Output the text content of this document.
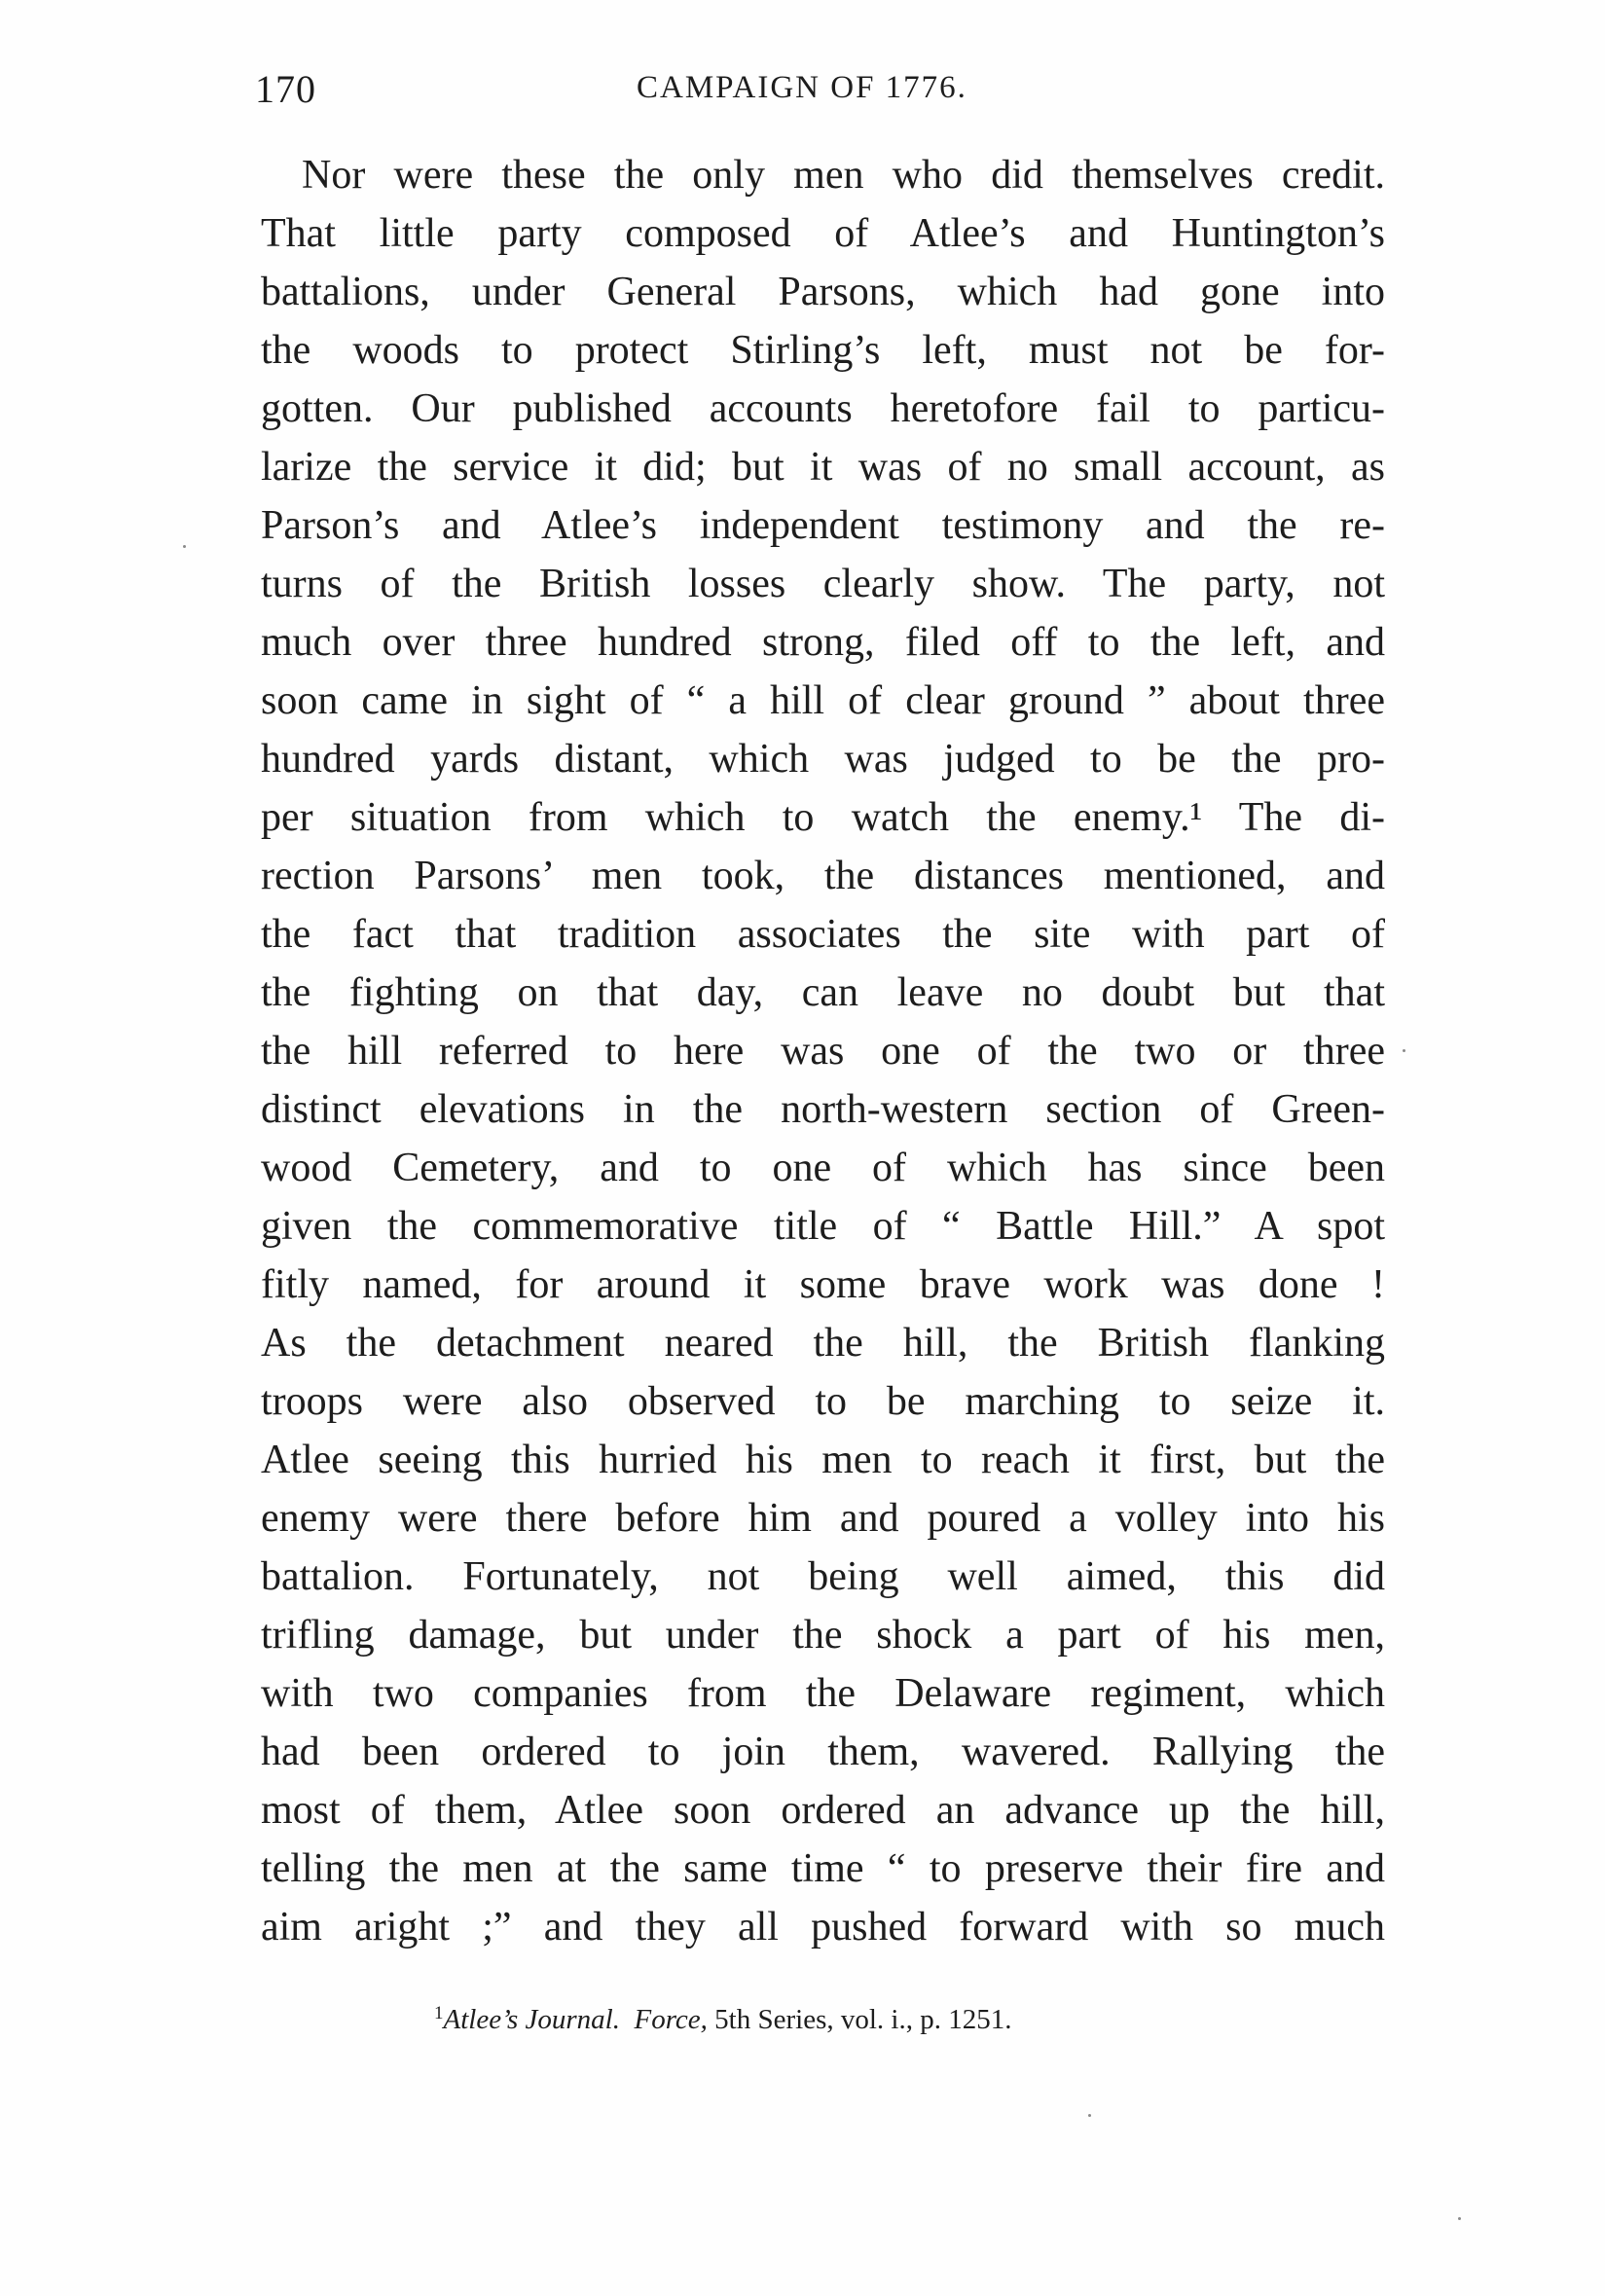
170	CAMPAIGN OF 1776.
Nor were these the only men who did themselves credit.
That little party composed of Atlee’s and Huntington’s
battalions, under General Parsons, which had gone into
the woods to protect Stirling’s left, must not be for-
gotten. Our published accounts heretofore fail to particu-
larize the service it did; but it was of no small account, as
Parson’s and Atlee’s independent testimony and the re-
turns of the British losses clearly show. The party, not
much over three hundred strong, filed off to the left, and
soon came in sight of “ a hill of clear ground ” about three
hundred yards distant, which was judged to be the pro-
per situation from which to watch the enemy.¹ The di-
rection Parsons’ men took, the distances mentioned, and
the fact that tradition associates the site with part of
the fighting on that day, can leave no doubt but that
the hill referred to here was one of the two or three
distinct elevations in the north-western section of Green-
wood Cemetery, and to one of which has since been
given the commemorative title of “ Battle Hill.” A spot
fitly named, for around it some brave work was done !
As the detachment neared the hill, the British flanking
troops were also observed to be marching to seize it.
Atlee seeing this hurried his men to reach it first, but the
enemy were there before him and poured a volley into his
battalion. Fortunately, not being well aimed, this did
trifling damage, but under the shock a part of his men,
with two companies from the Delaware regiment, which
had been ordered to join them, wavered. Rallying the
most of them, Atlee soon ordered an advance up the hill,
telling the men at the same time “ to preserve their fire and
aim aright ;” and they all pushed forward with so much
$^1$Atlee’s Journal. Force, 5th Series, vol. i., p. 1251.
